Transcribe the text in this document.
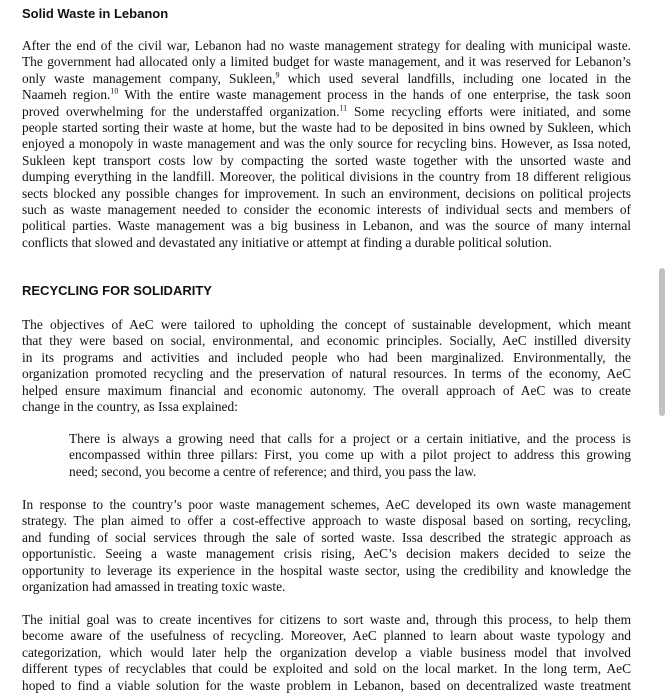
Solid Waste in Lebanon

After the end of the civil war, Lebanon had no waste management strategy for dealing with municipal waste.
The government had allocated only a limited budget for waste management, and it was reserved for Lebanon’s
only waste management company, Sukleen,$^9$ which used several landfills, including one located in the
Naameh region.$^{10}$ With the entire waste management process in the hands of one enterprise, the task soon
proved overwhelming for the understaffed organization.$^{11}$ Some recycling efforts were initiated, and some
people started sorting their waste at home, but the waste had to be deposited in bins owned by Sukleen, which
enjoyed a monopoly in waste management and was the only source for recycling bins. However, as Issa noted,
Sukleen kept transport costs low by compacting the sorted waste together with the unsorted waste and
dumping everything in the landfill. Moreover, the political divisions in the country from 18 different religious
sects blocked any possible changes for improvement. In such an environment, decisions on political projects
such as waste management needed to consider the economic interests of individual sects and members of
political parties. Waste management was a big business in Lebanon, and was the source of many internal
conflicts that slowed and devastated any initiative or attempt at finding a durable political solution.

RECYCLING FOR SOLIDARITY

The objectives of AeC were tailored to upholding the concept of sustainable development, which meant
that they were based on social, environmental, and economic principles. Socially, AeC instilled diversity
in its programs and activities and included people who had been marginalized. Environmentally, the
organization promoted recycling and the preservation of natural resources. In terms of the economy, AeC
helped ensure maximum financial and economic autonomy. The overall approach of AeC was to create
change in the country, as Issa explained:

There is always a growing need that calls for a project or a certain initiative, and the process is
encompassed within three pillars: First, you come up with a pilot project to address this growing
need; second, you become a centre of reference; and third, you pass the law.

In response to the country’s poor waste management schemes, AeC developed its own waste management
strategy. The plan aimed to offer a cost-effective approach to waste disposal based on sorting, recycling,
and funding of social services through the sale of sorted waste. Issa described the strategic approach as
opportunistic. Seeing a waste management crisis rising, AeC’s decision makers decided to seize the
opportunity to leverage its experience in the hospital waste sector, using the credibility and knowledge the
organization had amassed in treating toxic waste.

The initial goal was to create incentives for citizens to sort waste and, through this process, to help them
become aware of the usefulness of recycling. Moreover, AeC planned to learn about waste typology and
categorization, which would later help the organization develop a viable business model that involved
different types of recyclables that could be exploited and sold on the local market. In the long term, AeC
hoped to find a viable solution for the waste problem in Lebanon, based on decentralized waste treatment
